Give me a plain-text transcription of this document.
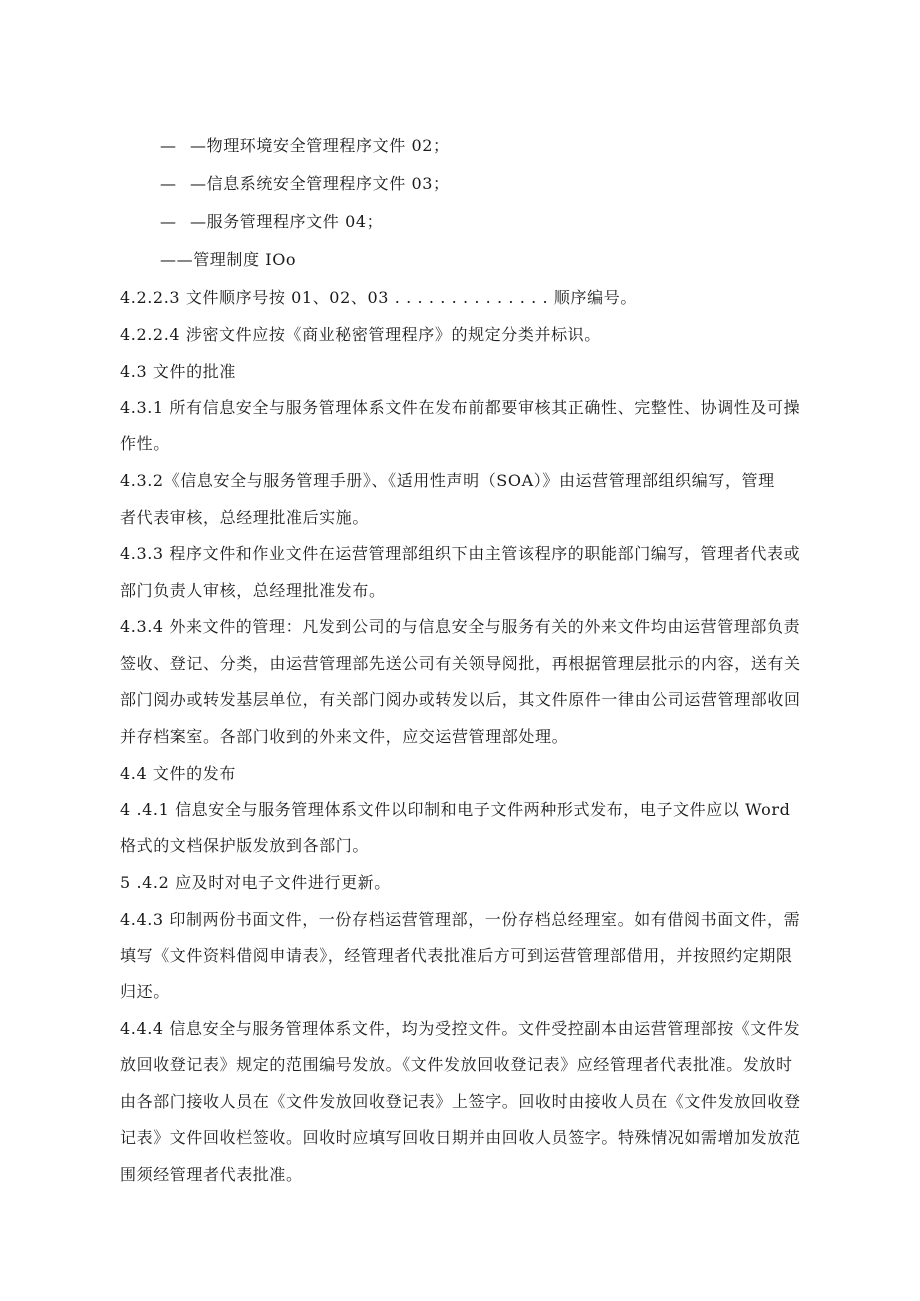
— —物理环境安全管理程序文件 02；
— —信息系统安全管理程序文件 03；
— —服务管理程序文件 04；
——管理制度 IOo
4.2.2.3 文件顺序号按 01、02、03 . . . . . . . . . . . . . . 顺序编号。
4.2.2.4 涉密文件应按《商业秘密管理程序》的规定分类并标识。
4.3 文件的批准
4.3.1 所有信息安全与服务管理体系文件在发布前都要审核其正确性、完整性、协调性及可操
作性。
4.3.2《信息安全与服务管理手册》、《适用性声明（SOA）》由运营管理部组织编写，管理
者代表审核，总经理批准后实施。
4.3.3 程序文件和作业文件在运营管理部组织下由主管该程序的职能部门编写，管理者代表或
部门负责人审核，总经理批准发布。
4.3.4 外来文件的管理：凡发到公司的与信息安全与服务有关的外来文件均由运营管理部负责
签收、登记、分类，由运营管理部先送公司有关领导阅批，再根据管理层批示的内容，送有关
部门阅办或转发基层单位，有关部门阅办或转发以后，其文件原件一律由公司运营管理部收回
并存档案室。各部门收到的外来文件，应交运营管理部处理。
4.4 文件的发布
4 .4.1 信息安全与服务管理体系文件以印制和电子文件两种形式发布，电子文件应以 Word
格式的文档保护版发放到各部门。
5 .4.2 应及时对电子文件进行更新。
4.4.3 印制两份书面文件，一份存档运营管理部，一份存档总经理室。如有借阅书面文件，需
填写《文件资料借阅申请表》，经管理者代表批准后方可到运营管理部借用，并按照约定期限
归还。
4.4.4 信息安全与服务管理体系文件，均为受控文件。文件受控副本由运营管理部按《文件发
放回收登记表》规定的范围编号发放。《文件发放回收登记表》应经管理者代表批准。发放时
由各部门接收人员在《文件发放回收登记表》上签字。回收时由接收人员在《文件发放回收登
记表》文件回收栏签收。回收时应填写回收日期并由回收人员签字。特殊情况如需增加发放范
围须经管理者代表批准。
